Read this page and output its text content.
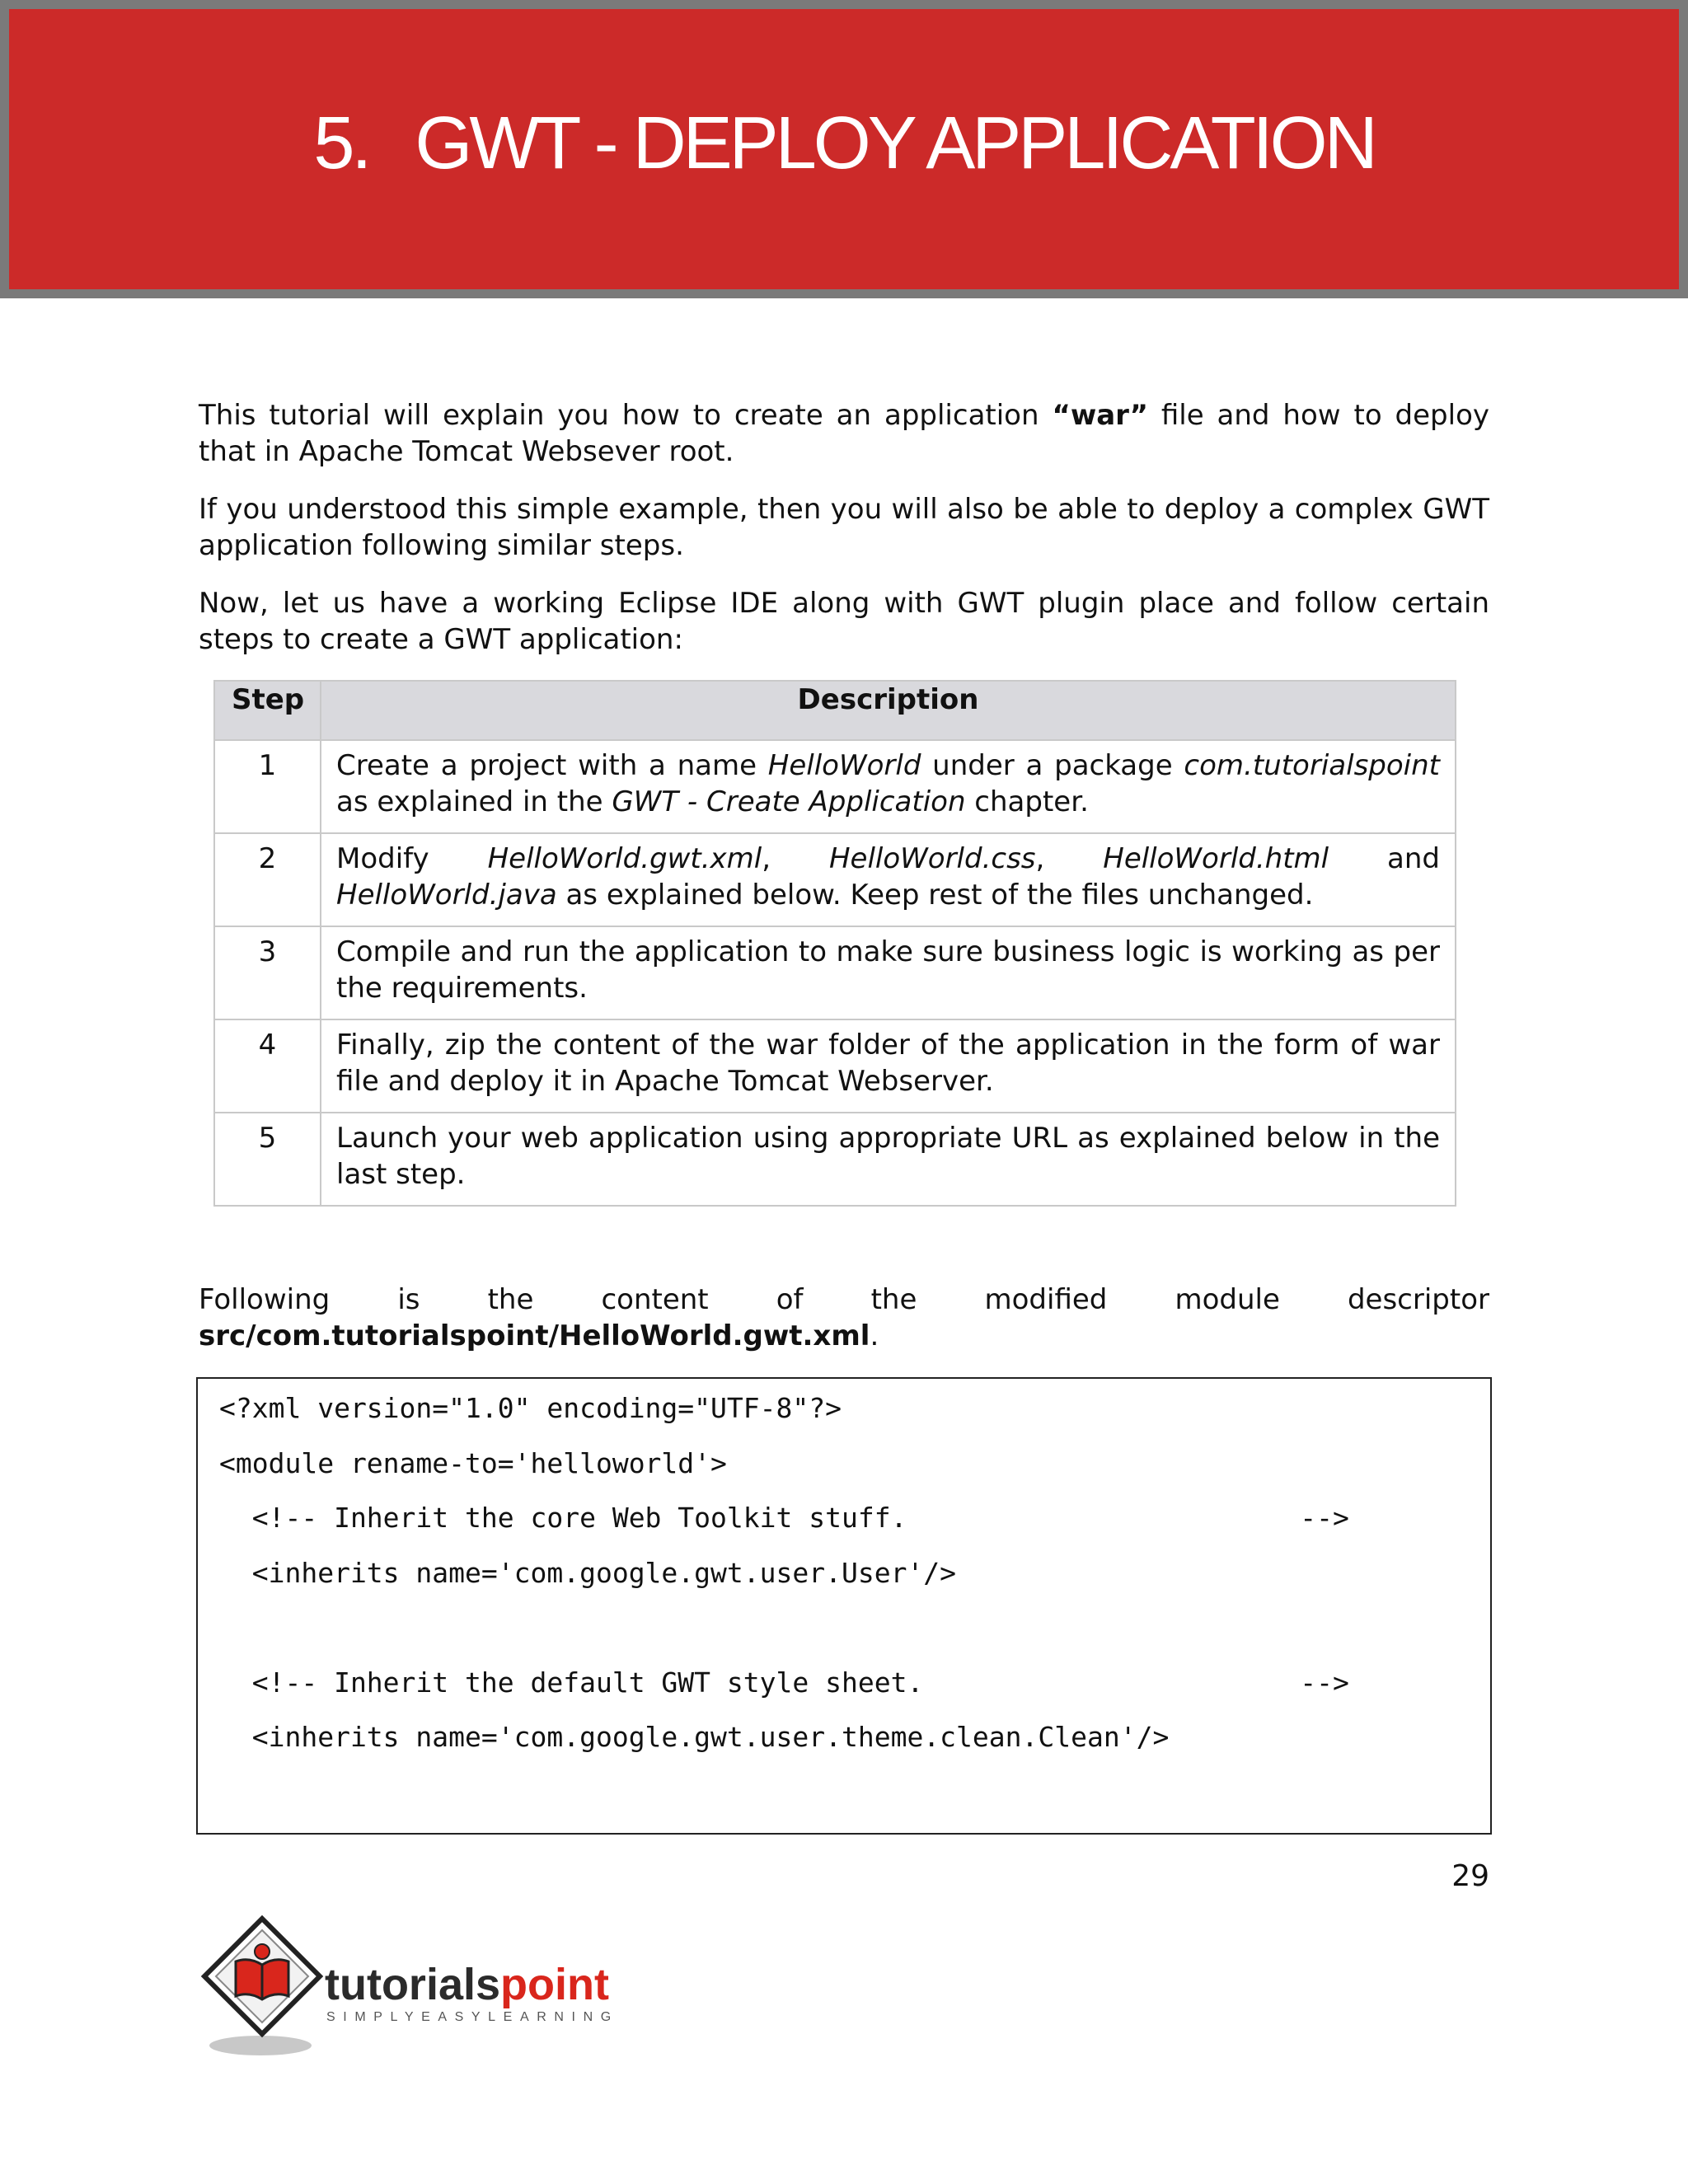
5. GWT - DEPLOY APPLICATION

This tutorial will explain you how to create an application “war” file and how to deploy that in Apache Tomcat Websever root.

If you understood this simple example, then you will also be able to deploy a complex GWT application following similar steps.

Now, let us have a working Eclipse IDE along with GWT plugin place and follow certain steps to create a GWT application:

Step	Description
1	Create a project with a name HelloWorld under a package com.tutorialspoint as explained in the GWT - Create Application chapter.
2	Modify HelloWorld.gwt.xml, HelloWorld.css, HelloWorld.html and HelloWorld.java as explained below. Keep rest of the files unchanged.
3	Compile and run the application to make sure business logic is working as per the requirements.
4	Finally, zip the content of the war folder of the application in the form of war file and deploy it in Apache Tomcat Webserver.
5	Launch your web application using appropriate URL as explained below in the last step.

Following is the content of the modified module descriptor src/com.tutorialspoint/HelloWorld.gwt.xml.

<?xml version="1.0" encoding="UTF-8"?>
<module rename-to='helloworld'>
<!-- Inherit the core Web Toolkit stuff.                        -->
<inherits name='com.google.gwt.user.User'/>
<!-- Inherit the default GWT style sheet.                       -->
<inherits name='com.google.gwt.user.theme.clean.Clean'/>
29
tutorialspoint
SIMPLYEASYLEARNING
